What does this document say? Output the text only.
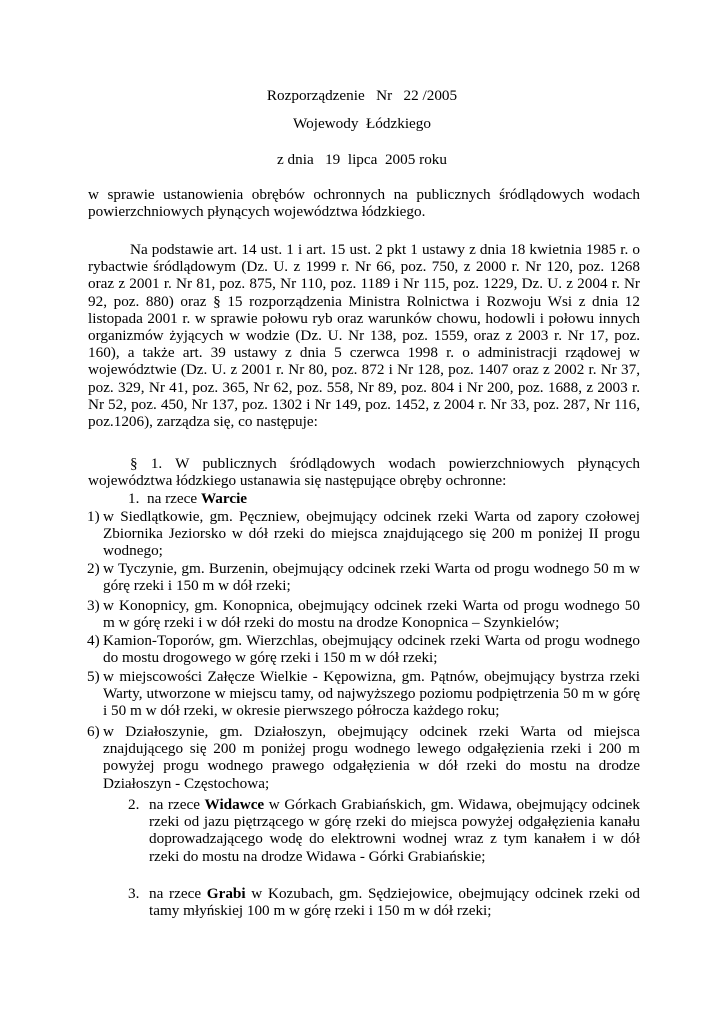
Rozporządzenie   Nr   22 /2005
Wojewody  Łódzkiego
z dnia   19  lipca  2005 roku
w sprawie ustanowienia obrębów ochronnych na publicznych śródlądowych wodach powierzchniowych płynących województwa łódzkiego.
Na podstawie art. 14 ust. 1 i art. 15 ust. 2 pkt 1 ustawy z dnia 18 kwietnia 1985 r. o rybactwie śródlądowym (Dz. U. z 1999 r. Nr 66, poz. 750, z 2000 r. Nr 120, poz. 1268 oraz z 2001 r. Nr 81, poz. 875, Nr 110, poz. 1189 i Nr 115, poz. 1229, Dz. U. z 2004 r. Nr 92, poz. 880) oraz § 15 rozporządzenia Ministra Rolnictwa i Rozwoju Wsi z dnia 12 listopada 2001 r. w sprawie połowu ryb oraz warunków chowu, hodowli i połowu innych organizmów żyjących w wodzie (Dz. U. Nr 138, poz. 1559, oraz z 2003 r. Nr 17, poz. 160), a także art. 39 ustawy z dnia 5 czerwca 1998 r. o administracji rządowej w województwie (Dz. U. z 2001 r. Nr 80, poz. 872 i Nr 128, poz. 1407 oraz z 2002 r. Nr 37, poz. 329, Nr 41, poz. 365, Nr 62, poz. 558, Nr 89, poz. 804 i Nr 200, poz. 1688, z 2003 r. Nr 52, poz. 450, Nr 137, poz. 1302 i Nr 149, poz. 1452, z 2004 r. Nr 33, poz. 287, Nr 116, poz.1206), zarządza się, co następuje:
§ 1. W publicznych śródlądowych wodach powierzchniowych płynących województwa łódzkiego ustanawia się następujące obręby ochronne:
1. na rzece Warcie
1) w Siedlątkowie, gm. Pęczniew, obejmujący odcinek rzeki Warta od zapory czołowej Zbiornika Jeziorsko w dół rzeki do miejsca znajdującego się 200 m poniżej II progu wodnego;
2) w Tyczynie, gm. Burzenin, obejmujący odcinek rzeki Warta od progu wodnego 50 m w górę rzeki i 150 m w dół rzeki;
3) w Konopnicy, gm. Konopnica, obejmujący odcinek rzeki Warta od progu wodnego 50 m w górę rzeki i w dół rzeki do mostu na drodze Konopnica – Szynkielów;
4) Kamion-Toporów, gm. Wierzchlas, obejmujący odcinek rzeki Warta od progu wodnego do mostu drogowego w górę rzeki i 150 m w dół rzeki;
5) w miejscowości Załęcze Wielkie - Kępowizna, gm. Pątnów, obejmujący bystrza rzeki Warty, utworzone w miejscu tamy, od najwyższego poziomu podpiętrzenia 50 m w górę i 50 m w dół rzeki, w okresie pierwszego półrocza każdego roku;
6) w Działoszynie, gm. Działoszyn, obejmujący odcinek rzeki Warta od miejsca znajdującego się 200 m poniżej progu wodnego lewego odgałęzienia rzeki i 200 m powyżej progu wodnego prawego odgałęzienia w dół rzeki do mostu na drodze Działoszyn - Częstochowa;
2. na rzece Widawce w Górkach Grabiańskich, gm. Widawa, obejmujący odcinek rzeki od jazu piętrzącego w górę rzeki do miejsca powyżej odgałęzienia kanału doprowadzającego wodę do elektrowni wodnej wraz z tym kanałem i w dół rzeki do mostu na drodze Widawa - Górki Grabiańskie;
3. na rzece Grabi w Kozubach, gm. Sędziejowice, obejmujący odcinek rzeki od tamy młyńskiej 100 m w górę rzeki i 150 m w dół rzeki;
